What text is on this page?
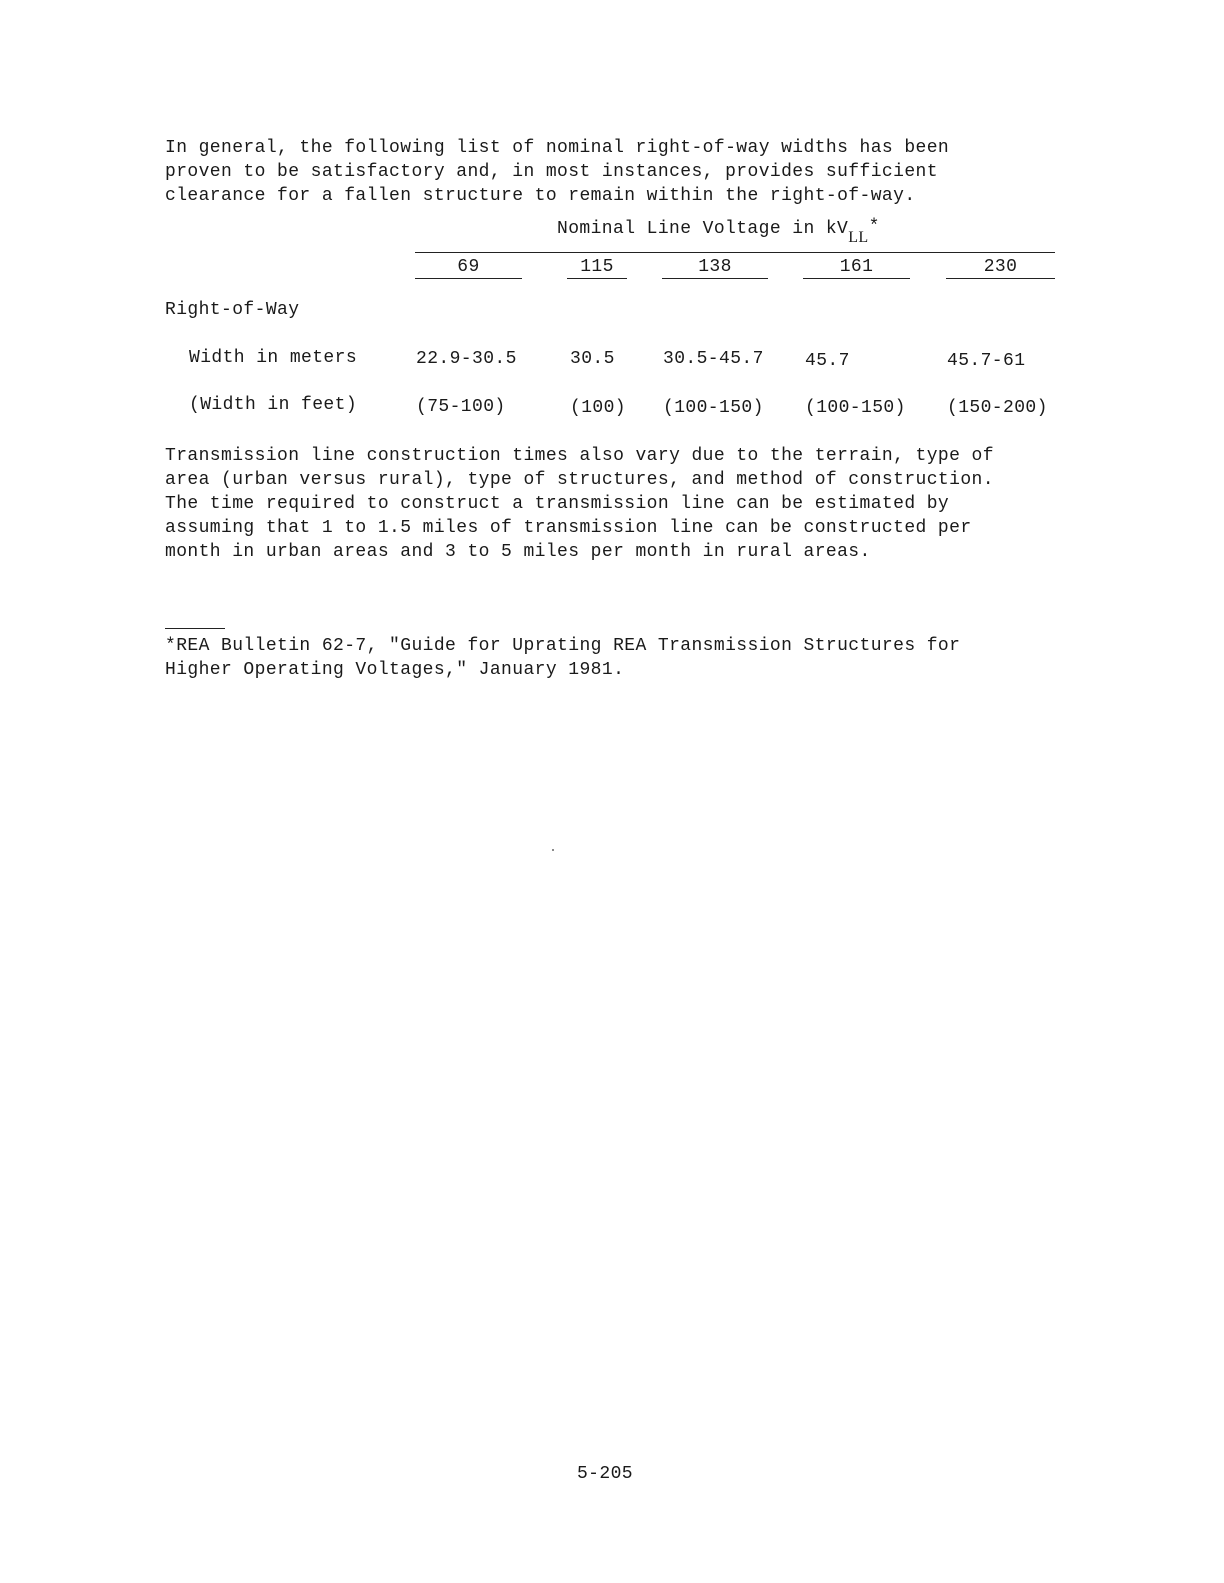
In general, the following list of nominal right-of-way widths has been
proven to be satisfactory and, in most instances, provides sufficient
clearance for a fallen structure to remain within the right-of-way.

Nominal Line Voltage in kVLL*
69	115	138	161	230
Right-of-Way
Width in meters	22.9-30.5	30.5	30.5-45.7 45.7	45.7-61
(Width in feet)	(75-100)	(100) (100-150) (100-150) (150-200)

Transmission line construction times also vary due to the terrain, type of
area (urban versus rural), type of structures, and method of construction.
The time required to construct a transmission line can be estimated by
assuming that 1 to 1.5 miles of transmission line can be constructed per
month in urban areas and 3 to 5 miles per month in rural areas.

*REA Bulletin 62-7, "Guide for Uprating REA Transmission Structures for
Higher Operating Voltages," January 1981.

5-205
